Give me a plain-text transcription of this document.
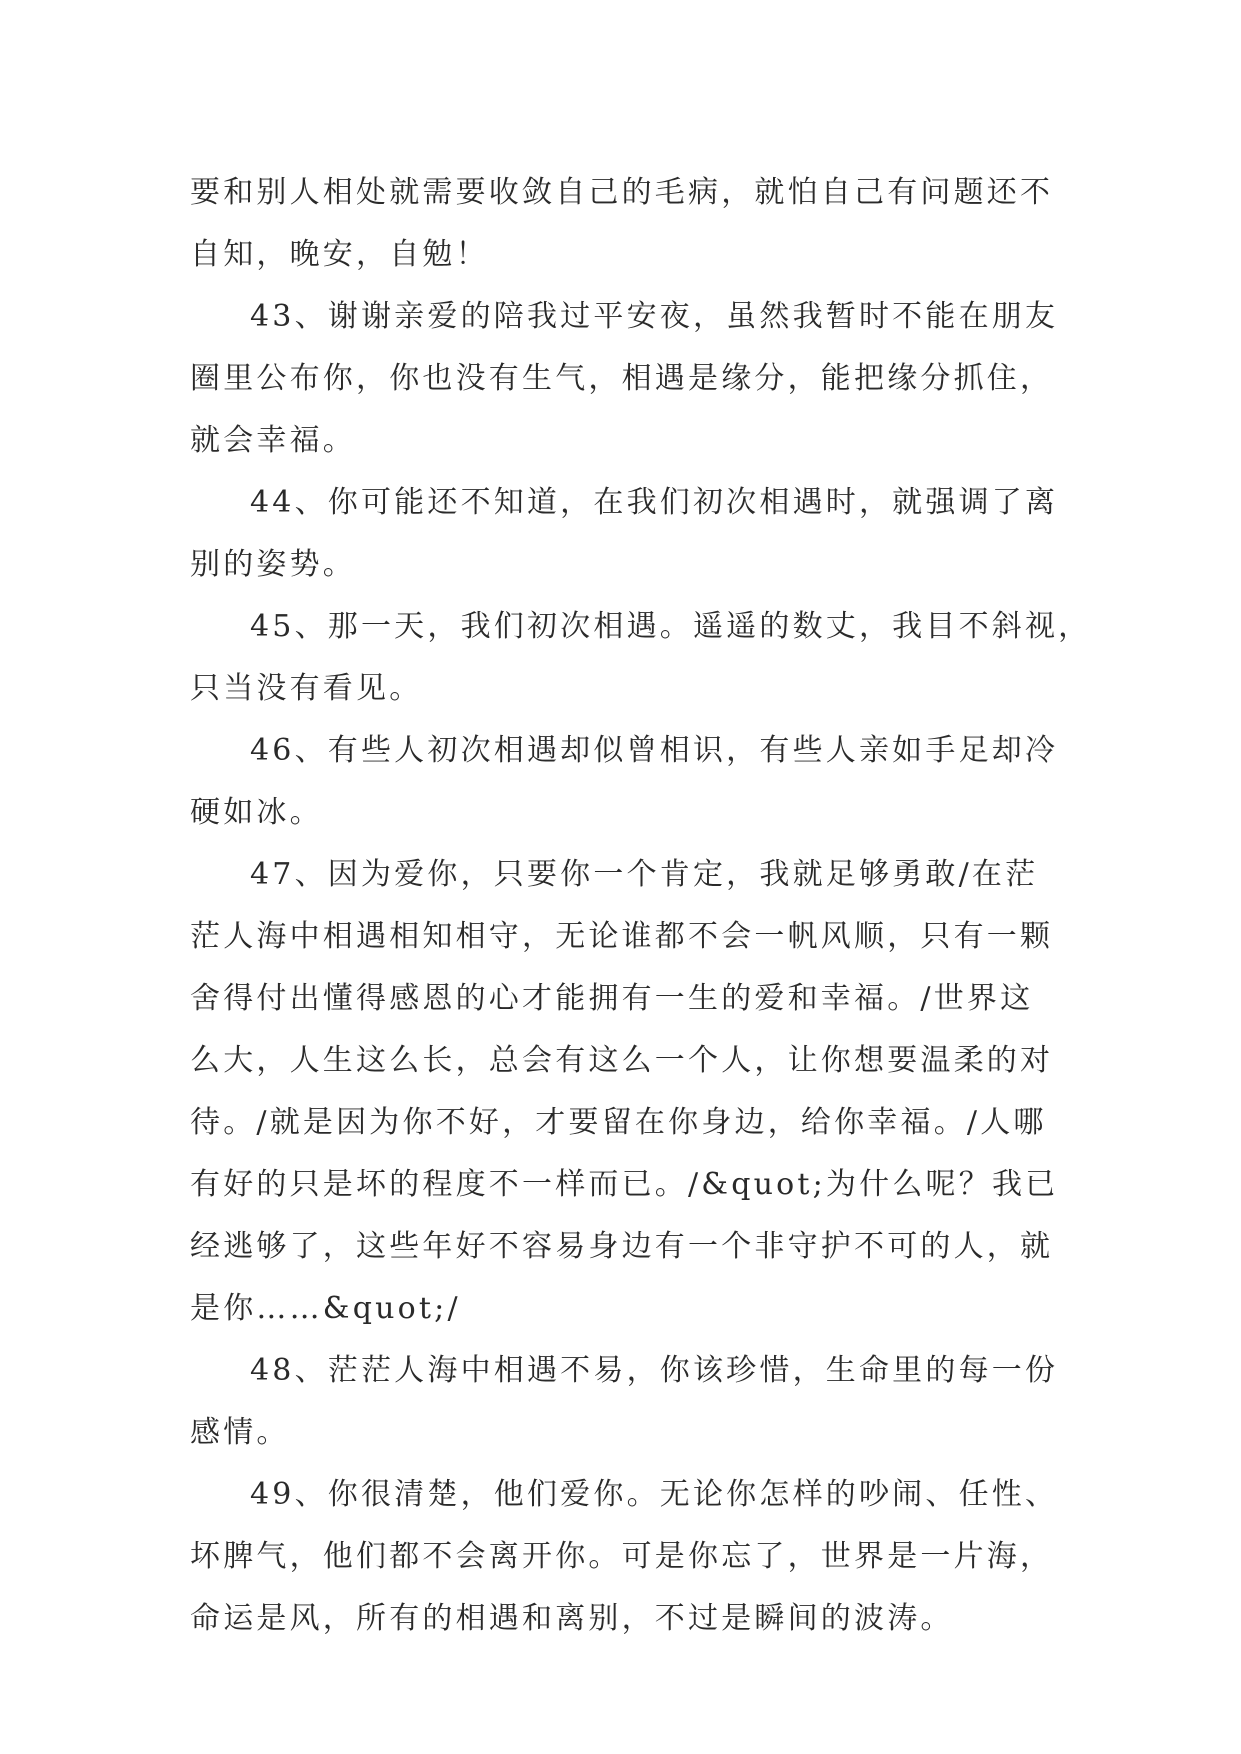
要和别人相处就需要收敛自己的毛病，就怕自己有问题还不
自知，晚安，自勉！
43、谢谢亲爱的陪我过平安夜，虽然我暂时不能在朋友
圈里公布你，你也没有生气，相遇是缘分，能把缘分抓住，
就会幸福。
44、你可能还不知道，在我们初次相遇时，就强调了离
别的姿势。
45、那一天，我们初次相遇。遥遥的数丈，我目不斜视，
只当没有看见。
46、有些人初次相遇却似曾相识，有些人亲如手足却冷
硬如冰。
47、因为爱你，只要你一个肯定，我就足够勇敢/在茫
茫人海中相遇相知相守，无论谁都不会一帆风顺，只有一颗
舍得付出懂得感恩的心才能拥有一生的爱和幸福。/世界这
么大，人生这么长，总会有这么一个人，让你想要温柔的对
待。/就是因为你不好，才要留在你身边，给你幸福。/人哪
有好的只是坏的程度不一样而已。/&quot;为什么呢？我已
经逃够了，这些年好不容易身边有一个非守护不可的人，就
是你……&quot;/
48、茫茫人海中相遇不易，你该珍惜，生命里的每一份
感情。
49、你很清楚，他们爱你。无论你怎样的吵闹、任性、
坏脾气，他们都不会离开你。可是你忘了，世界是一片海，
命运是风，所有的相遇和离别，不过是瞬间的波涛。
